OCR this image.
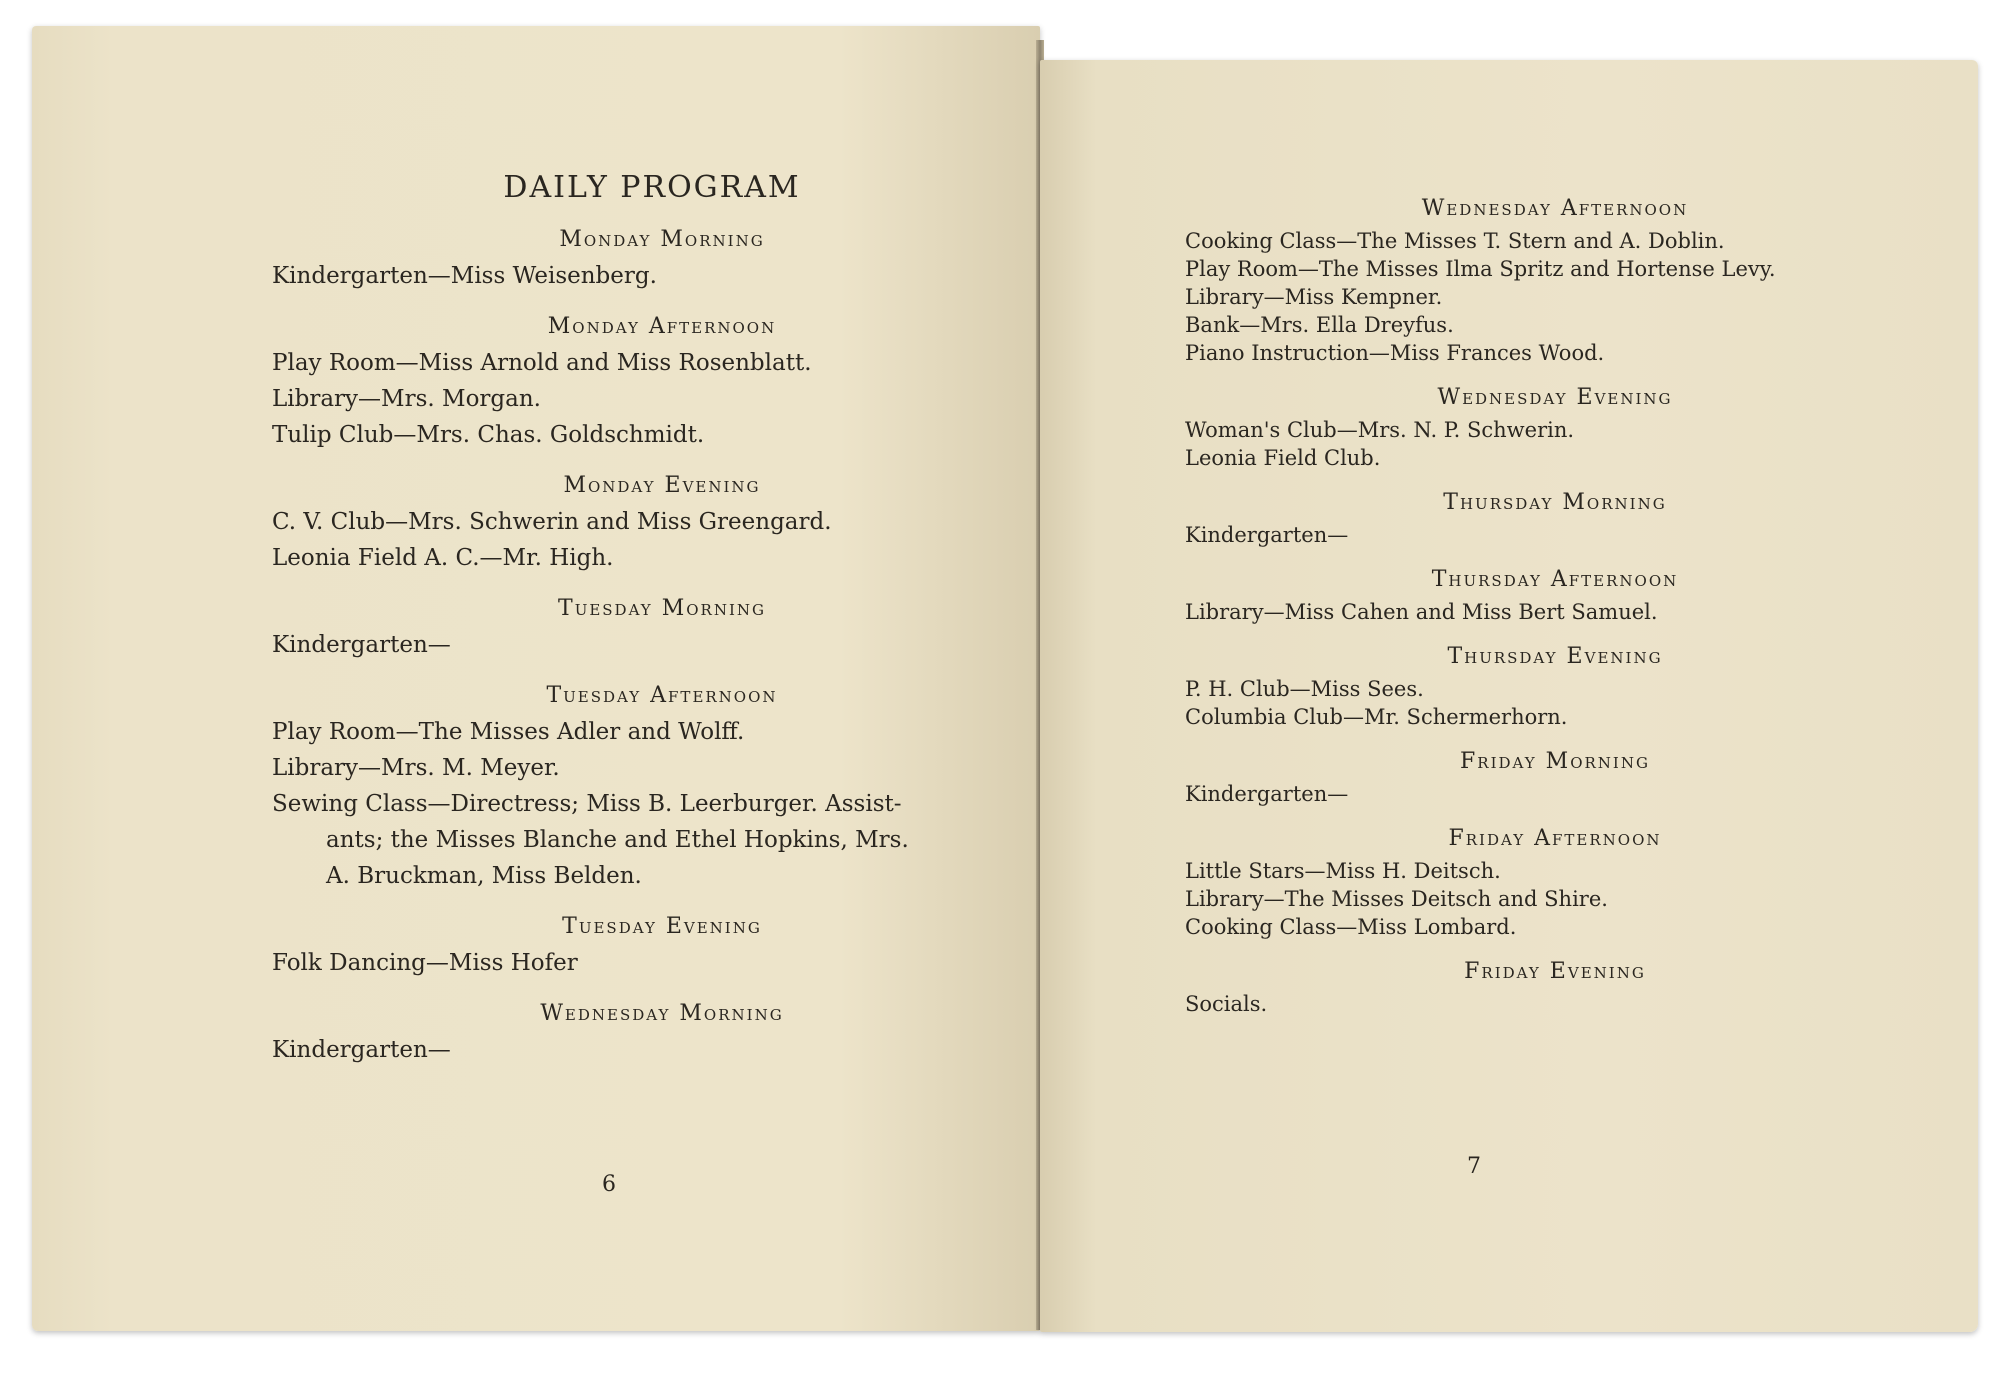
DAILY PROGRAM
Monday Morning
Kindergarten—Miss Weisenberg.
Monday Afternoon
Play Room—Miss Arnold and Miss Rosenblatt.
Library—Mrs. Morgan.
Tulip Club—Mrs. Chas. Goldschmidt.
Monday Evening
C. V. Club—Mrs. Schwerin and Miss Greengard.
Leonia Field A. C.—Mr. High.
Tuesday Morning
Kindergarten—
Tuesday Afternoon
Play Room—The Misses Adler and Wolff.
Library—Mrs. M. Meyer.
Sewing Class—Directress; Miss B. Leerburger. Assist-
ants; the Misses Blanche and Ethel Hopkins, Mrs.
A. Bruckman, Miss Belden.
Tuesday Evening
Folk Dancing—Miss Hofer
Wednesday Morning
Kindergarten—
6
Wednesday Afternoon
Cooking Class—The Misses T. Stern and A. Doblin.
Play Room—The Misses Ilma Spritz and Hortense Levy.
Library—Miss Kempner.
Bank—Mrs. Ella Dreyfus.
Piano Instruction—Miss Frances Wood.
Wednesday Evening
Woman's Club—Mrs. N. P. Schwerin.
Leonia Field Club.
Thursday Morning
Kindergarten—
Thursday Afternoon
Library—Miss Cahen and Miss Bert Samuel.
Thursday Evening
P. H. Club—Miss Sees.
Columbia Club—Mr. Schermerhorn.
Friday Morning
Kindergarten—
Friday Afternoon
Little Stars—Miss H. Deitsch.
Library—The Misses Deitsch and Shire.
Cooking Class—Miss Lombard.
Friday Evening
Socials.
7
